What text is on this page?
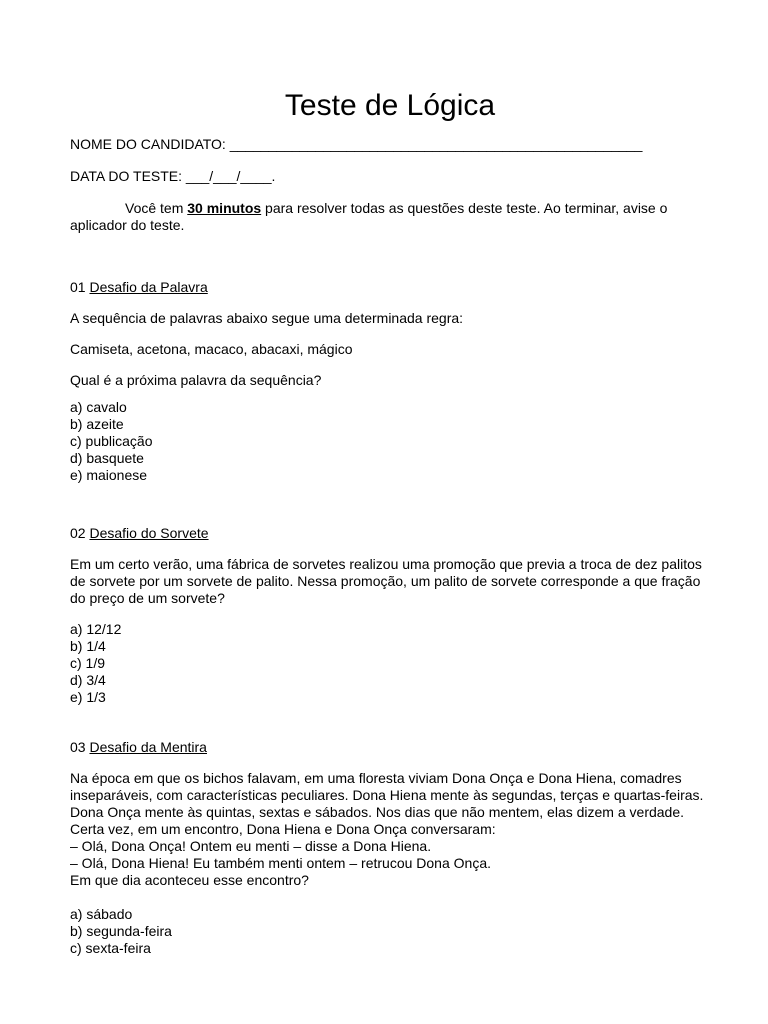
Teste de Lógica

NOME DO CANDIDATO: _____________________________________________________

DATA DO TESTE: ___/___/____.

Você tem 30 minutos para resolver todas as questões deste teste. Ao terminar, avise o aplicador do teste.

01 Desafio da Palavra

A sequência de palavras abaixo segue uma determinada regra:

Camiseta, acetona, macaco, abacaxi, mágico

Qual é a próxima palavra da sequência?

a) cavalo
b) azeite
c) publicação
d) basquete
e) maionese

02 Desafio do Sorvete

Em um certo verão, uma fábrica de sorvetes realizou uma promoção que previa a troca de dez palitos de sorvete por um sorvete de palito. Nessa promoção, um palito de sorvete corresponde a que fração do preço de um sorvete?

a) 12/12
b) 1/4
c) 1/9
d) 3/4
e) 1/3

03 Desafio da Mentira

Na época em que os bichos falavam, em uma floresta viviam Dona Onça e Dona Hiena, comadres inseparáveis, com características peculiares. Dona Hiena mente às segundas, terças e quartas-feiras. Dona Onça mente às quintas, sextas e sábados. Nos dias que não mentem, elas dizem a verdade.

Certa vez, em um encontro, Dona Hiena e Dona Onça conversaram:

– Olá, Dona Onça! Ontem eu menti – disse a Dona Hiena.

– Olá, Dona Hiena! Eu também menti ontem – retrucou Dona Onça.

Em que dia aconteceu esse encontro?

a) sábado
b) segunda-feira
c) sexta-feira
